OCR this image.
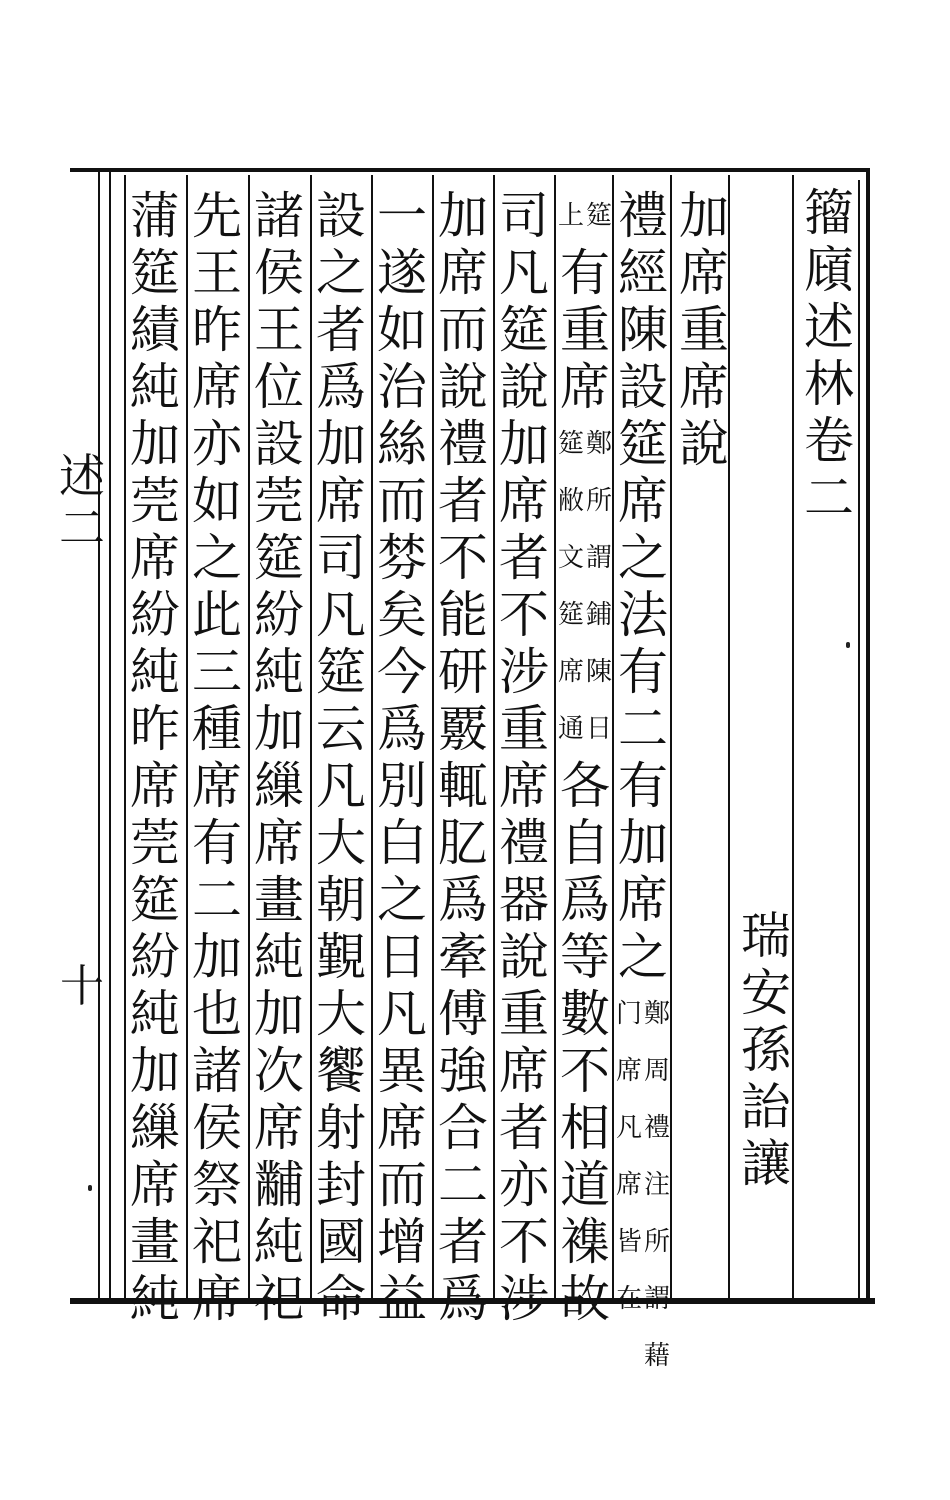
籀
廎
述
林
卷
二
加
席
重
席
說
瑞
安
孫
詒
讓
禮
經
陳
設
筵
席
之
法
有
二
有
加
席
之
鄭
周
禮
注
所
謂
藉
门
席
凡
席
皆
在
筵
上
有
重
席
鄭
所
謂
鋪
陳
日
筵
敝
文
筵
席
通
各
自
爲
等
數
不
相
道
襍
故
司
凡
筵
說
加
席
者
不
涉
重
席
禮
器
說
重
席
者
亦
不
涉
加
席
而
說
禮
者
不
能
研
覈
輒
肊
爲
牽
傅
強
合
二
者
爲
一
遂
如
治
絲
而
棼
矣
今
爲
別
白
之
日
凡
異
席
而
增
益
設
之
者
爲
加
席
司
凡
筵
云
凡
大
朝
覲
大
饗
射
封
國
命
諸
侯
王
位
設
莞
筵
紛
純
加
繅
席
畫
純
加
次
席
黼
純
祀
先
王
昨
席
亦
如
之
此
三
種
席
有
二
加
也
諸
侯
祭
祀
席
蒲
筵
績
純
加
莞
席
紛
純
昨
席
莞
筵
紛
純
加
繅
席
畫
純
述
二
十
